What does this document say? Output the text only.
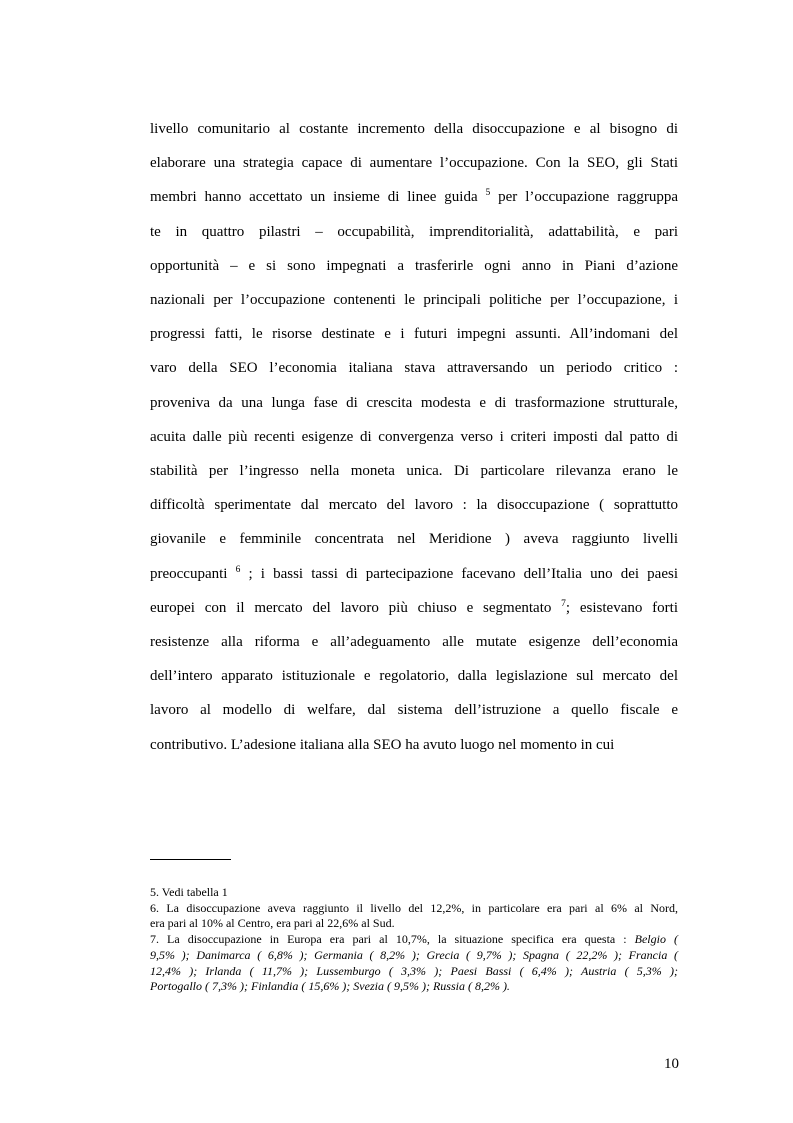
livello comunitario al costante incremento della disoccupazione e al bisogno di
elaborare una strategia capace di aumentare l’occupazione. Con la SEO, gli Stati
membri hanno accettato un insieme di linee guida $^5$ per l’occupazione raggruppa
te in quattro pilastri – occupabilità, imprenditorialità, adattabilità, e pari
opportunità – e si sono impegnati a trasferirle ogni anno in Piani d’azione
nazionali per l’occupazione contenenti le principali politiche per l’occupazione, i
progressi fatti, le risorse destinate e i futuri impegni assunti. All’indomani del
varo della SEO l’economia italiana stava attraversando un periodo critico :
proveniva da una lunga fase di crescita modesta e di trasformazione strutturale,
acuita dalle più recenti esigenze di convergenza verso i criteri imposti dal patto di
stabilità per l’ingresso nella moneta unica. Di particolare rilevanza erano le
difficoltà sperimentate dal mercato del lavoro : la disoccupazione ( soprattutto
giovanile e femminile concentrata nel Meridione ) aveva raggiunto livelli
preoccupanti $^6$ ; i bassi tassi di partecipazione facevano dell’Italia uno dei paesi
europei con il mercato del lavoro più chiuso e segmentato $^7$; esistevano forti
resistenze alla riforma e all’adeguamento alle mutate esigenze dell’economia
dell’intero apparato istituzionale e regolatorio, dalla legislazione sul mercato del
lavoro al modello di welfare, dal sistema dell’istruzione a quello fiscale e
contributivo. L’adesione italiana alla SEO ha avuto luogo nel momento in cui
5. Vedi tabella 1
6. La disoccupazione aveva raggiunto il livello del 12,2%, in particolare era pari al 6% al Nord,
era pari al 10% al Centro, era pari al 22,6% al Sud.
7. La disoccupazione in Europa era pari al 10,7%, la situazione specifica era questa : Belgio (
9,5% ); Danimarca ( 6,8% ); Germania ( 8,2% ); Grecia ( 9,7% ); Spagna ( 22,2% ); Francia (
12,4% ); Irlanda ( 11,7% ); Lussemburgo ( 3,3% ); Paesi Bassi ( 6,4% ); Austria ( 5,3% );
Portogallo ( 7,3% ); Finlandia ( 15,6% ); Svezia ( 9,5% ); Russia ( 8,2% ).
10
